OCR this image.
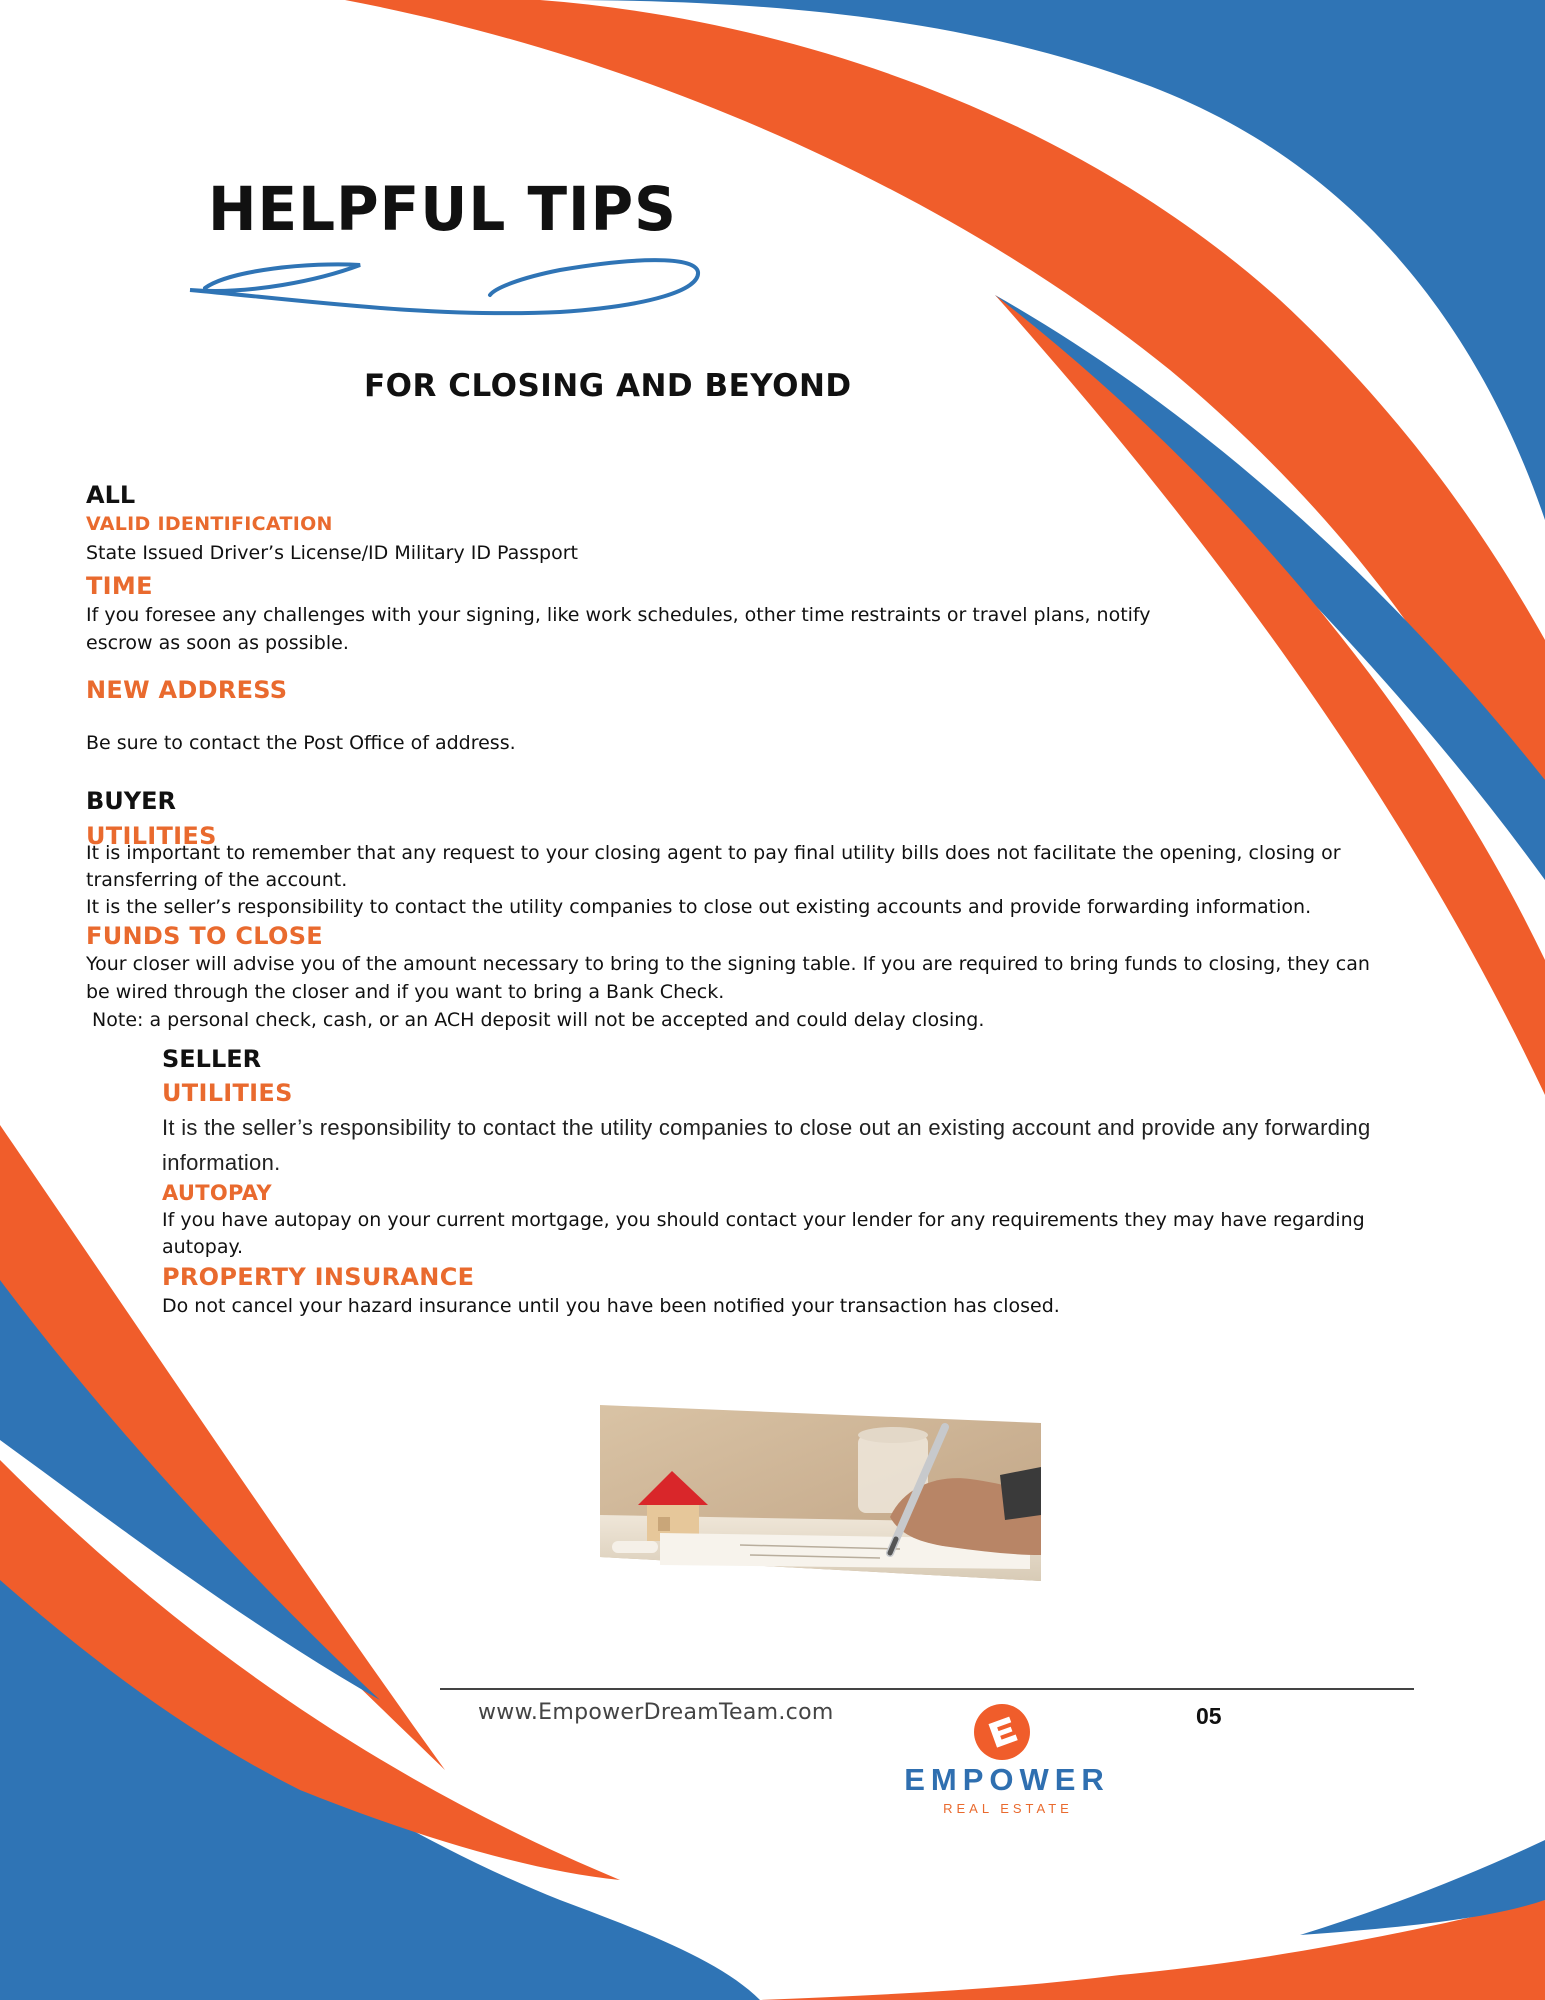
HELPFUL TIPS
FOR CLOSING AND BEYOND
ALL
VALID IDENTIFICATION
State Issued Driver’s License/ID Military ID Passport
TIME
If you foresee any challenges with your signing, like work schedules, other time restraints or travel plans, notify
escrow as soon as possible.
NEW ADDRESS
Be sure to contact the Post Office of address.
BUYER
UTILITIES
It is important to remember that any request to your closing agent to pay final utility bills does not facilitate the opening, closing or
transferring of the account.
It is the seller’s responsibility to contact the utility companies to close out existing accounts and provide forwarding information.
FUNDS TO CLOSE
Your closer will advise you of the amount necessary to bring to the signing table. If you are required to bring funds to closing, they can
be wired through the closer and if you want to bring a Bank Check.
Note: a personal check, cash, or an ACH deposit will not be accepted and could delay closing.
SELLER
UTILITIES
It is the seller’s responsibility to contact the utility companies to close out an existing account and provide any forwarding
information.
AUTOPAY
If you have autopay on your current mortgage, you should contact your lender for any requirements they may have regarding
autopay.
PROPERTY INSURANCE
Do not cancel your hazard insurance until you have been notified your transaction has closed.
www.EmpowerDreamTeam.com	05
EMPOWER
REAL ESTATE
